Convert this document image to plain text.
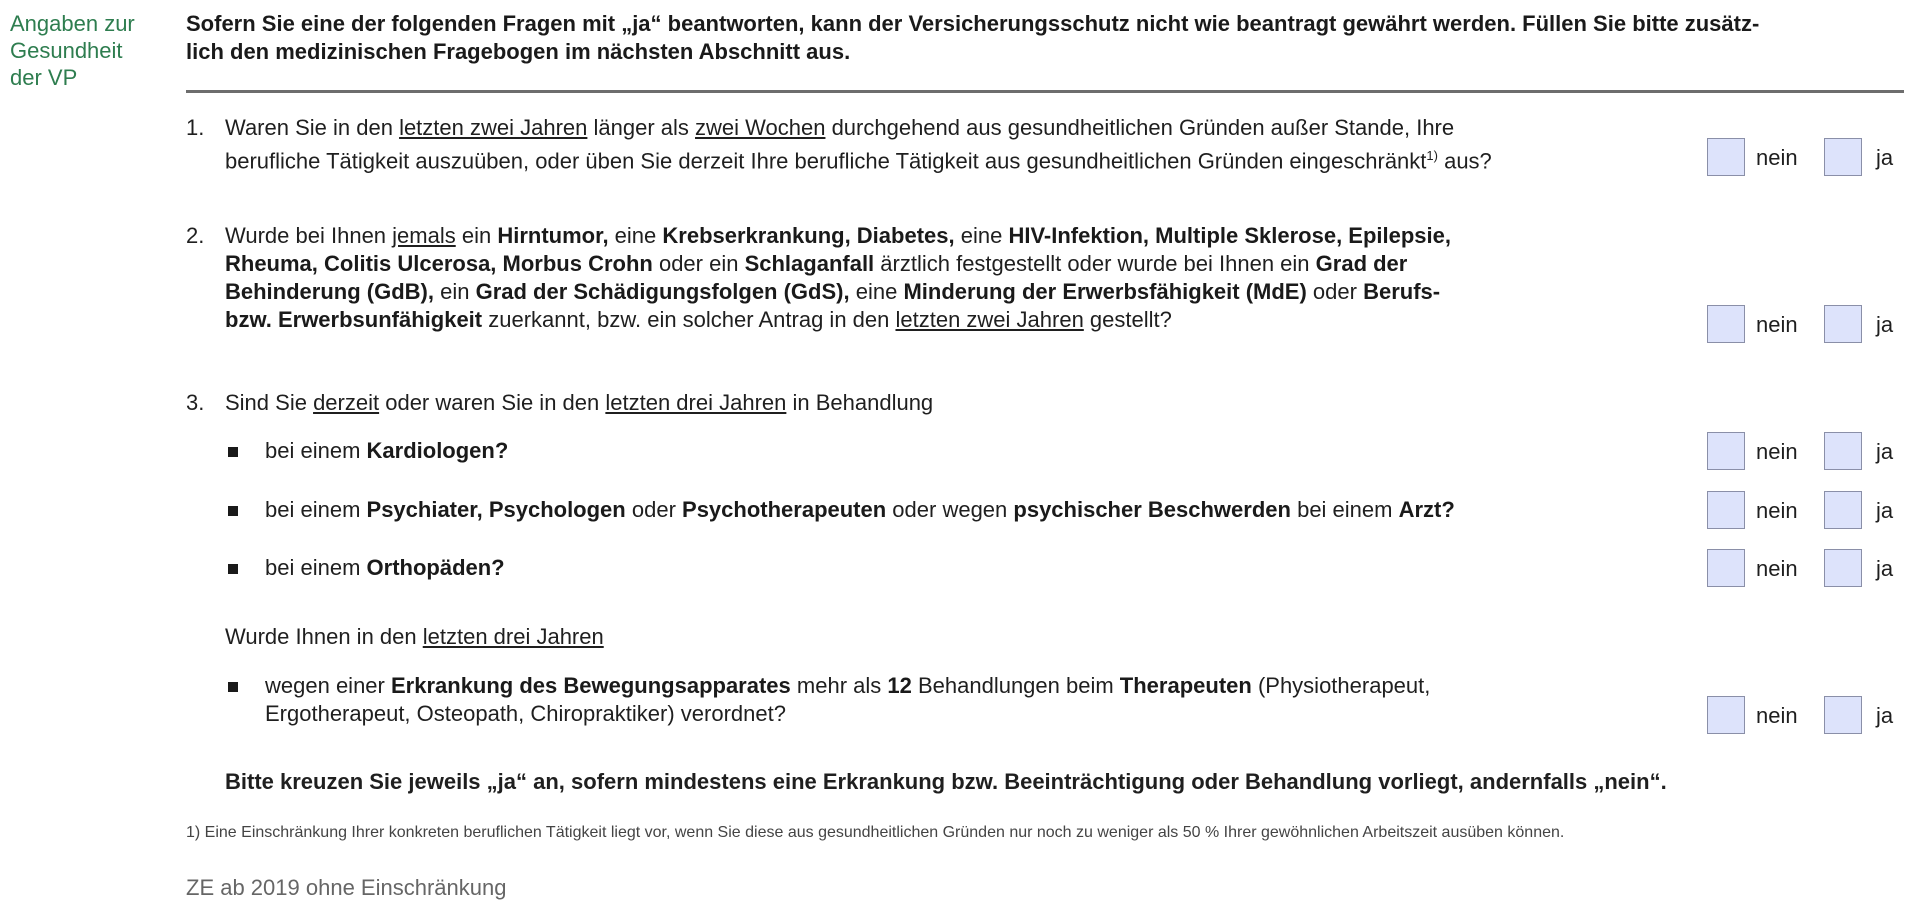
Angaben zur
Gesundheit
der VP
Sofern Sie eine der folgenden Fragen mit „ja“ beantworten, kann der Versicherungsschutz nicht wie beantragt gewährt werden. Füllen Sie bitte zusätz-
lich den medizinischen Fragebogen im nächsten Abschnitt aus.
1. Waren Sie in den letzten zwei Jahren länger als zwei Wochen durchgehend aus gesundheitlichen Gründen außer Stande, Ihre
berufliche Tätigkeit auszuüben, oder üben Sie derzeit Ihre berufliche Tätigkeit aus gesundheitlichen Gründen eingeschränkt$^{1)}$ aus?	nein	ja
2. Wurde bei Ihnen jemals ein Hirntumor, eine Krebserkrankung, Diabetes, eine HIV-Infektion, Multiple Sklerose, Epilepsie,
Rheuma, Colitis Ulcerosa, Morbus Crohn oder ein Schlaganfall ärztlich festgestellt oder wurde bei Ihnen ein Grad der
Behinderung (GdB), ein Grad der Schädigungsfolgen (GdS), eine Minderung der Erwerbsfähigkeit (MdE) oder Berufs-
bzw. Erwerbsunfähigkeit zuerkannt, bzw. ein solcher Antrag in den letzten zwei Jahren gestellt?	nein	ja
3. Sind Sie derzeit oder waren Sie in den letzten drei Jahren in Behandlung
bei einem Kardiologen?	nein	ja
bei einem Psychiater, Psychologen oder Psychotherapeuten oder wegen psychischer Beschwerden bei einem Arzt?	nein	ja
bei einem Orthopäden?	nein	ja
Wurde Ihnen in den letzten drei Jahren
wegen einer Erkrankung des Bewegungsapparates mehr als 12 Behandlungen beim Therapeuten (Physiotherapeut,
Ergotherapeut, Osteopath, Chiropraktiker) verordnet?	nein	ja
Bitte kreuzen Sie jeweils „ja“ an, sofern mindestens eine Erkrankung bzw. Beeinträchtigung oder Behandlung vorliegt, andernfalls „nein“.
1) Eine Einschränkung Ihrer konkreten beruflichen Tätigkeit liegt vor, wenn Sie diese aus gesundheitlichen Gründen nur noch zu weniger als 50 % Ihrer gewöhnlichen Arbeitszeit ausüben können.
ZE ab 2019 ohne Einschränkung
